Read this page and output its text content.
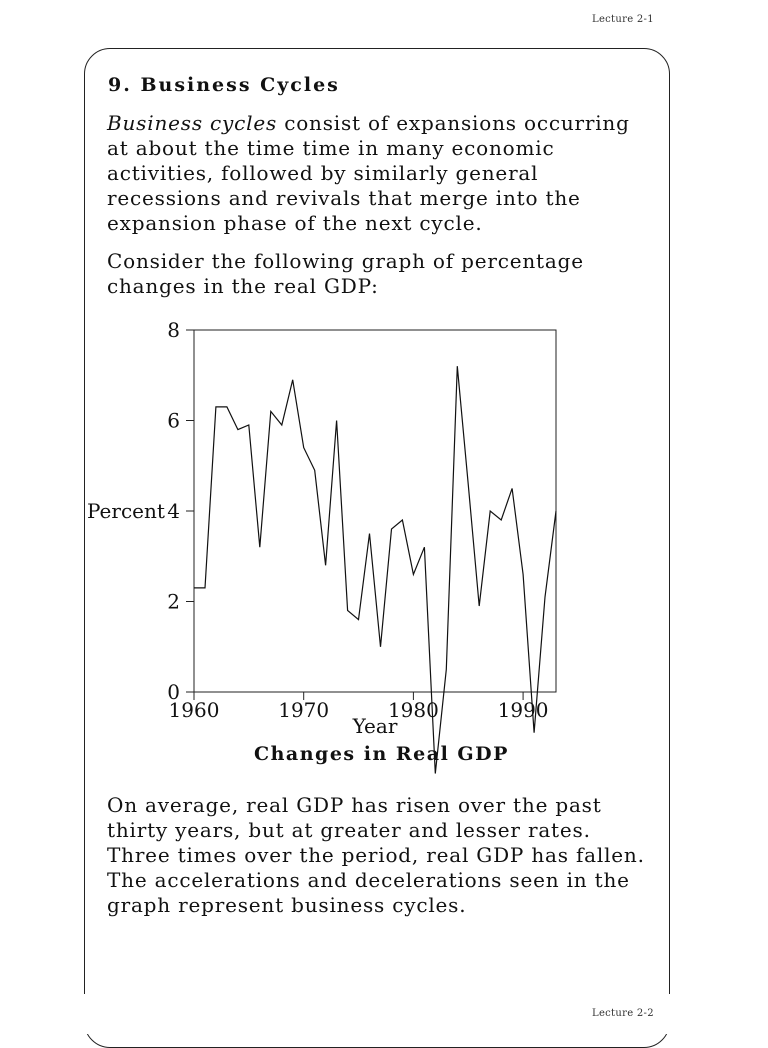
Lecture 2-1
9. Business Cycles

Business cycles consist of expansions occurring at about the time time in many economic activities, followed by similarly general recessions and revivals that merge into the expansion phase of the next cycle.

Consider the following graph of percentage changes in the real GDP:

0
2
4
6
8
1960	1970	1980	1990
Percent
Year
Changes in Real GDP

On average, real GDP has risen over the past thirty years, but at greater and lesser rates. Three times over the period, real GDP has fallen. The accelerations and decelerations seen in the graph represent business cycles.

Lecture 2-2
